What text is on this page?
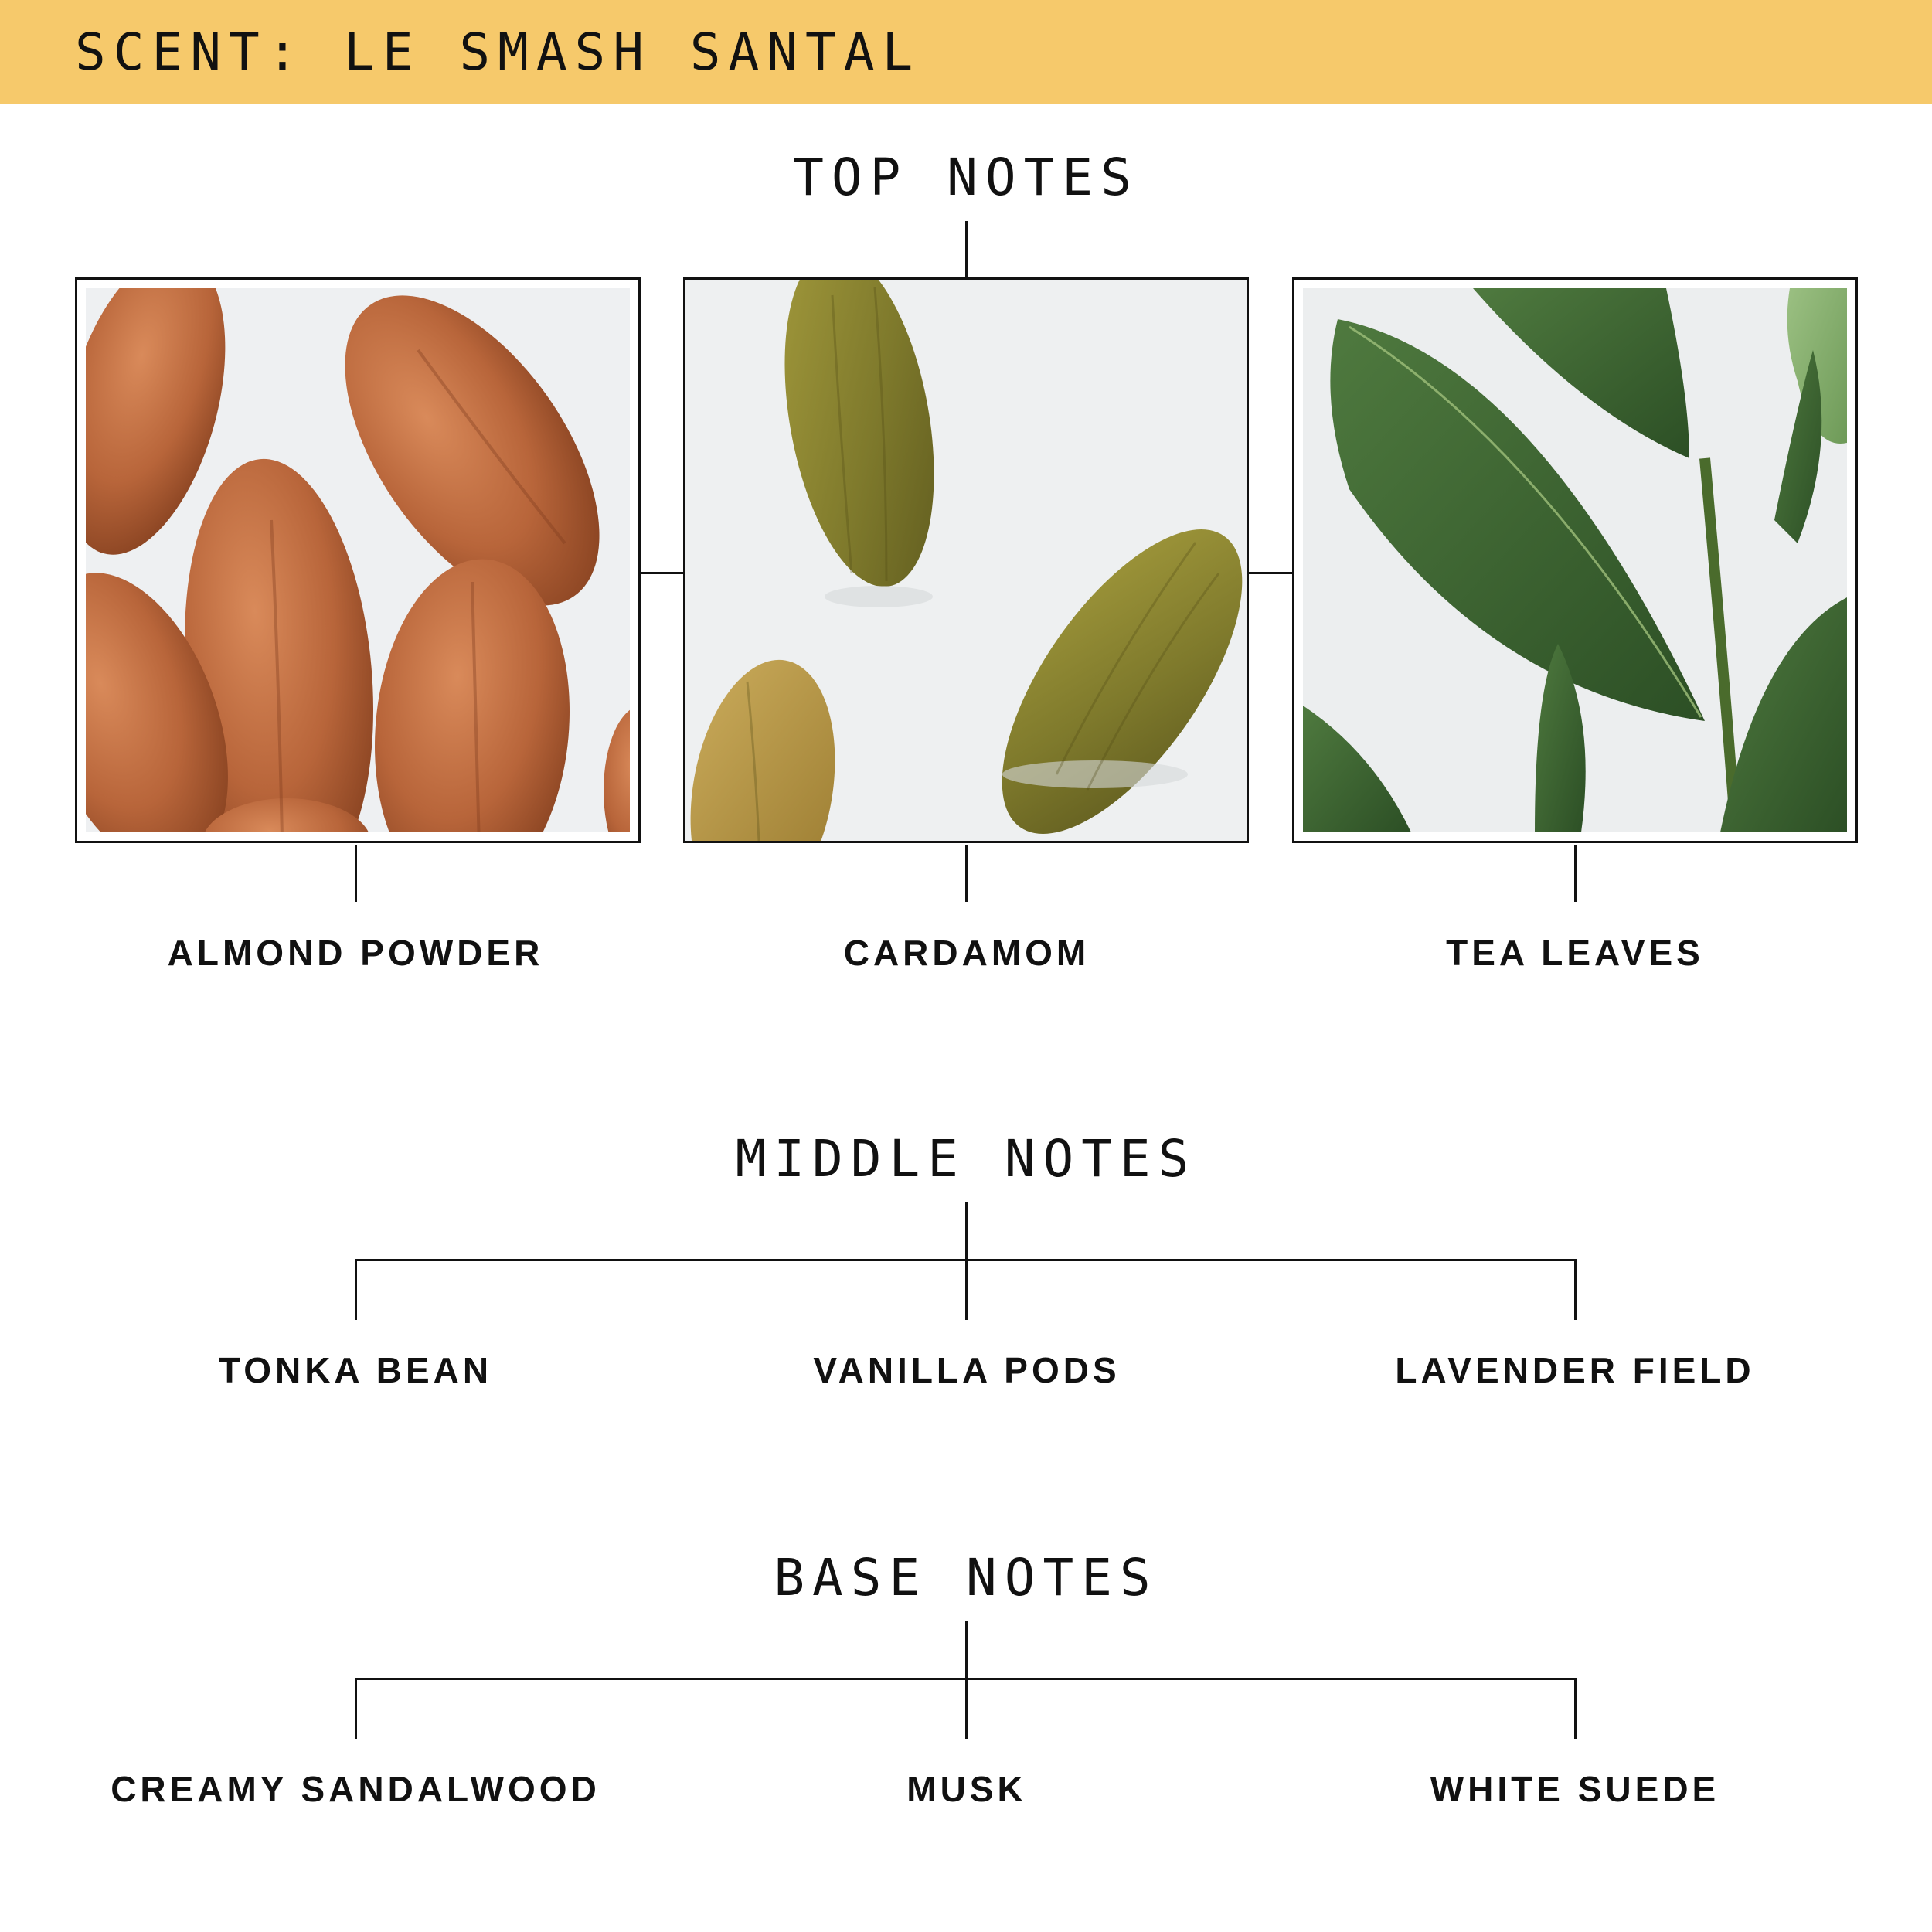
SCENT: LE SMASH SANTAL
TOP NOTES
ALMOND POWDER	CARDAMOM	TEA LEAVES
MIDDLE NOTES
TONKA BEAN	VANILLA PODS	LAVENDER FIELD
BASE NOTES
CREAMY SANDALWOOD	MUSK	WHITE SUEDE
